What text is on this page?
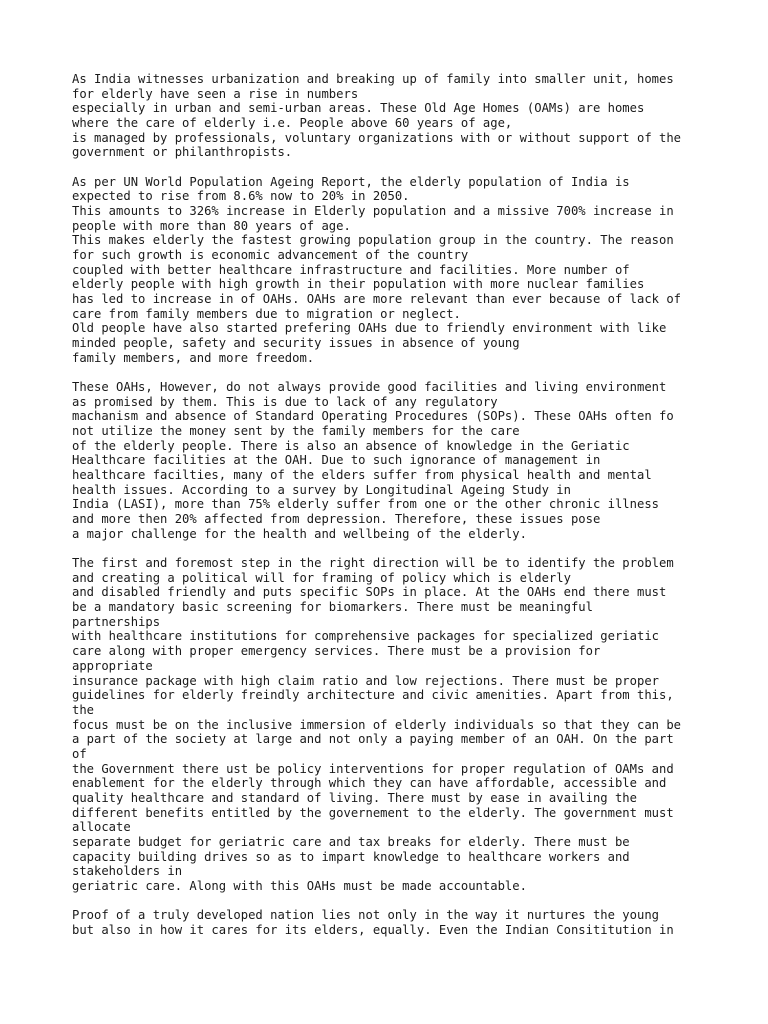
As India witnesses urbanization and breaking up of family into smaller unit, homes
for elderly have seen a rise in numbers
especially in urban and semi-urban areas. These Old Age Homes (OAMs) are homes
where the care of elderly i.e. People above 60 years of age,
is managed by professionals, voluntary organizations with or without support of the
government or philanthropists.
As per UN World Population Ageing Report, the elderly population of India is
expected to rise from 8.6% now to 20% in 2050.
This amounts to 326% increase in Elderly population and a missive 700% increase in
people with more than 80 years of age.
This makes elderly the fastest growing population group in the country. The reason
for such growth is economic advancement of the country
coupled with better healthcare infrastructure and facilities. More number of
elderly people with high growth in their population with more nuclear families
has led to increase in of OAHs. OAHs are more relevant than ever because of lack of
care from family members due to migration or neglect.
Old people have also started prefering OAHs due to friendly environment with like
minded people, safety and security issues in absence of young
family members, and more freedom.
These OAHs, However, do not always provide good facilities and living environment
as promised by them. This is due to lack of any regulatory
machanism and absence of Standard Operating Procedures (SOPs). These OAHs often fo
not utilize the money sent by the family members for the care
of the elderly people. There is also an absence of knowledge in the Geriatic
Healthcare facilities at the OAH. Due to such ignorance of management in
healthcare facilties, many of the elders suffer from physical health and mental
health issues. According to a survey by Longitudinal Ageing Study in
India (LASI), more than 75% elderly suffer from one or the other chronic illness
and more then 20% affected from depression. Therefore, these issues pose
a major challenge for the health and wellbeing of the elderly.
The first and foremost step in the right direction will be to identify the problem
and creating a political will for framing of policy which is elderly
and disabled friendly and puts specific SOPs in place. At the OAHs end there must
be a mandatory basic screening for biomarkers. There must be meaningful
partnerships
with healthcare institutions for comprehensive packages for specialized geriatic
care along with proper emergency services. There must be a provision for
appropriate
insurance package with high claim ratio and low rejections. There must be proper
guidelines for elderly freindly architecture and civic amenities. Apart from this,
the
focus must be on the inclusive immersion of elderly individuals so that they can be
a part of the society at large and not only a paying member of an OAH. On the part
of
the Government there ust be policy interventions for proper regulation of OAMs and
enablement for the elderly through which they can have affordable, accessible and
quality healthcare and standard of living. There must by ease in availing the
different benefits entitled by the governement to the elderly. The government must
allocate
separate budget for geriatric care and tax breaks for elderly. There must be
capacity building drives so as to impart knowledge to healthcare workers and
stakeholders in
geriatric care. Along with this OAHs must be made accountable.
Proof of a truly developed nation lies not only in the way it nurtures the young
but also in how it cares for its elders, equally. Even the Indian Consititution in
